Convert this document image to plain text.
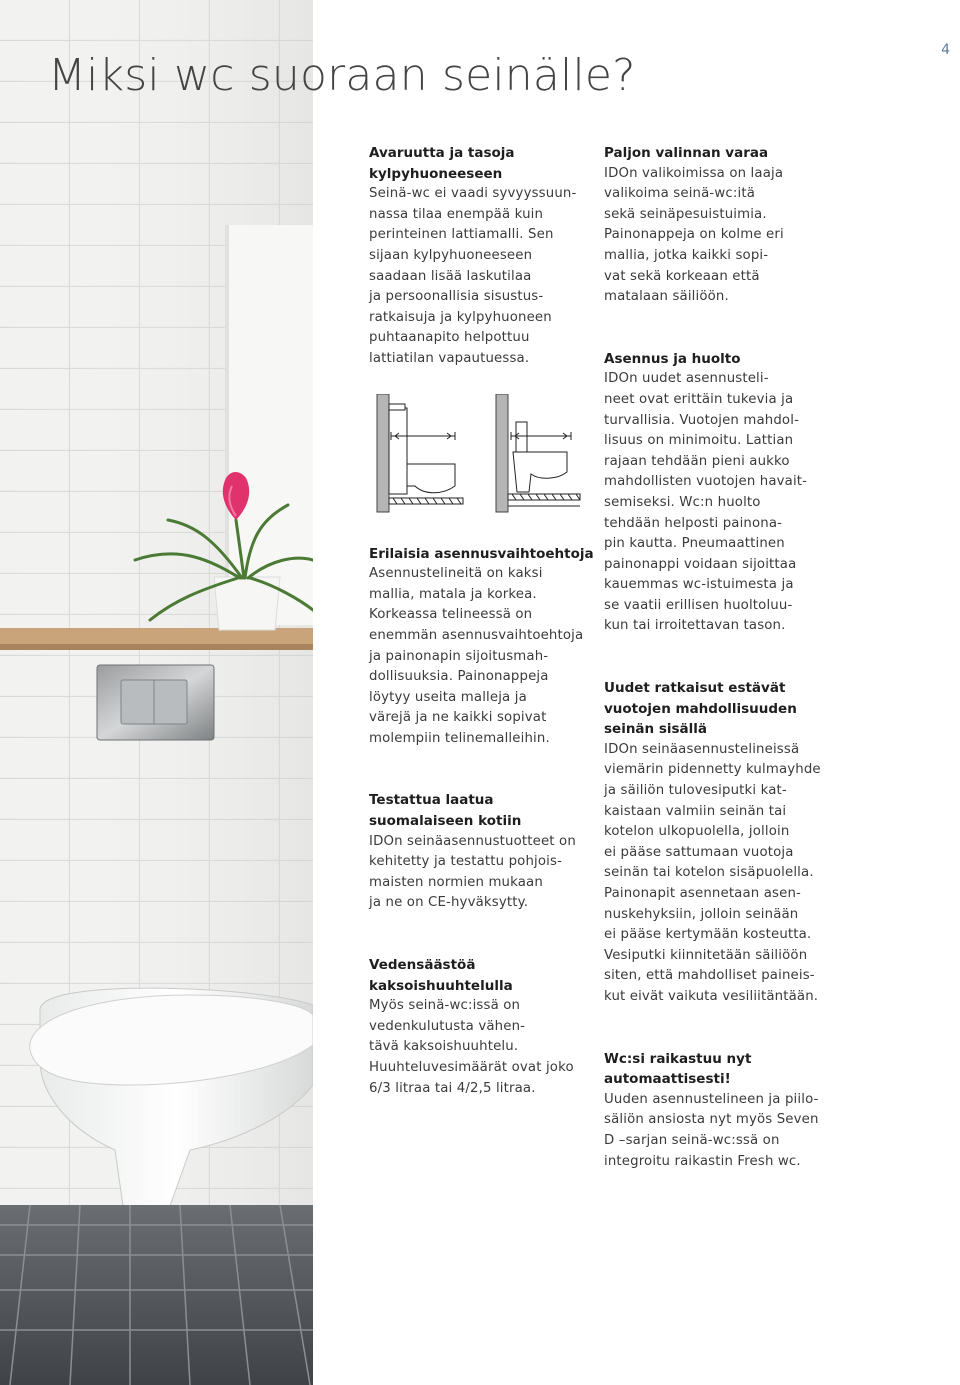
Miksi wc suoraan seinälle?	4
Avaruutta ja tasoja
kylpyhuoneeseen

Seinä-wc ei vaadi syvyyssuun-
nassa tilaa enempää kuin
perinteinen lattiamalli. Sen
sijaan kylpyhuoneeseen
saadaan lisää laskutilaa
ja persoonallisia sisustus-
ratkaisuja ja kylpyhuoneen
puhtaanapito helpottuu
lattiatilan vapautuessa.

Erilaisia asennusvaihtoehtoja

Asennustelineitä on kaksi
mallia, matala ja korkea.
Korkeassa telineessä on
enemmän asennusvaihtoehtoja
ja painonapin sijoitusmah-
dollisuuksia. Painonappeja
löytyy useita malleja ja
värejä ja ne kaikki sopivat
molempiin telinemalleihin.

Testattua laatua
suomalaiseen kotiin

IDOn seinäasennustuotteet on
kehitetty ja testattu pohjois-
maisten normien mukaan
ja ne on CE-hyväksytty.

Vedensäästöä
kaksoishuuhtelulla

Myös seinä-wc:issä on
vedenkulutusta vähen-
tävä kaksoishuuhtelu.
Huuhteluvesimäärät ovat joko
6/3 litraa tai 4/2,5 litraa.

Paljon valinnan varaa

IDOn valikoimissa on laaja
valikoima seinä-wc:itä
sekä seinäpesuistuimia.
Painonappeja on kolme eri
mallia, jotka kaikki sopi-
vat sekä korkeaan että
matalaan säiliöön.

Asennus ja huolto

IDOn uudet asennusteli-
neet ovat erittäin tukevia ja
turvallisia. Vuotojen mahdol-
lisuus on minimoitu. Lattian
rajaan tehdään pieni aukko
mahdollisten vuotojen havait-
semiseksi. Wc:n huolto
tehdään helposti painona-
pin kautta. Pneumaattinen
painonappi voidaan sijoittaa
kauemmas wc-istuimesta ja
se vaatii erillisen huoltoluu-
kun tai irroitettavan tason.

Uudet ratkaisut estävät
vuotojen mahdollisuuden
seinän sisällä

IDOn seinäasennustelineissä
viemärin pidennetty kulmayhde
ja säiliön tulovesiputki kat-
kaistaan valmiin seinän tai
kotelon ulkopuolella, jolloin
ei pääse sattumaan vuotoja
seinän tai kotelon sisäpuolella.
Painonapit asennetaan asen-
nuskehyksiin, jolloin seinään
ei pääse kertymään kosteutta.
Vesiputki kiinnitetään säiliöön
siten, että mahdolliset paineis-
kut eivät vaikuta vesiliitäntään.

Wc:si raikastuu nyt
automaattisesti!

Uuden asennustelineen ja piilo-
säliön ansiosta nyt myös Seven
D –sarjan seinä-wc:ssä on
integroitu raikastin Fresh wc.
